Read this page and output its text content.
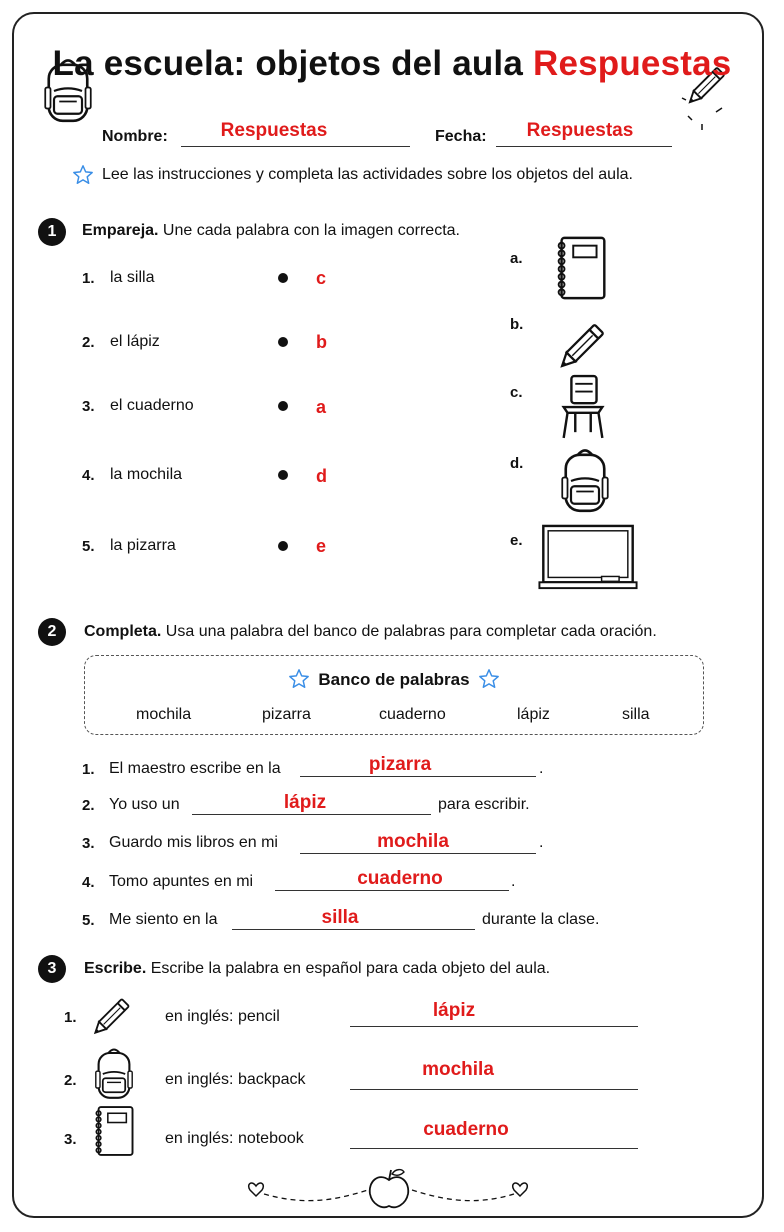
La escuela: objetos del aula Respuestas
Nombre:	Respuestas	Fecha:	Respuestas
Lee las instrucciones y completa las actividades sobre los objetos del aula.
1	Empareja. Une cada palabra con la imagen correcta.
1. la silla	c
2. el lápiz	b
3. el cuaderno	a
4. la mochila	d
5. la pizarra	e
a.
b.
c.
d.
e.
2	Completa. Usa una palabra del banco de palabras para completar cada oración.
Banco de palabras
mochila	pizarra	cuaderno	lápiz	silla
1. El maestro escribe en la	pizarra	.
2. Yo uso un	lápiz	para escribir.
3. Guardo mis libros en mi	mochila	.
4. Tomo apuntes en mi	cuaderno	.
5. Me siento en la	silla	durante la clase.
3	Escribe. Escribe la palabra en español para cada objeto del aula.
1.	en inglés: pencil	lápiz
2.	en inglés: backpack	mochila
3.	en inglés: notebook	cuaderno
